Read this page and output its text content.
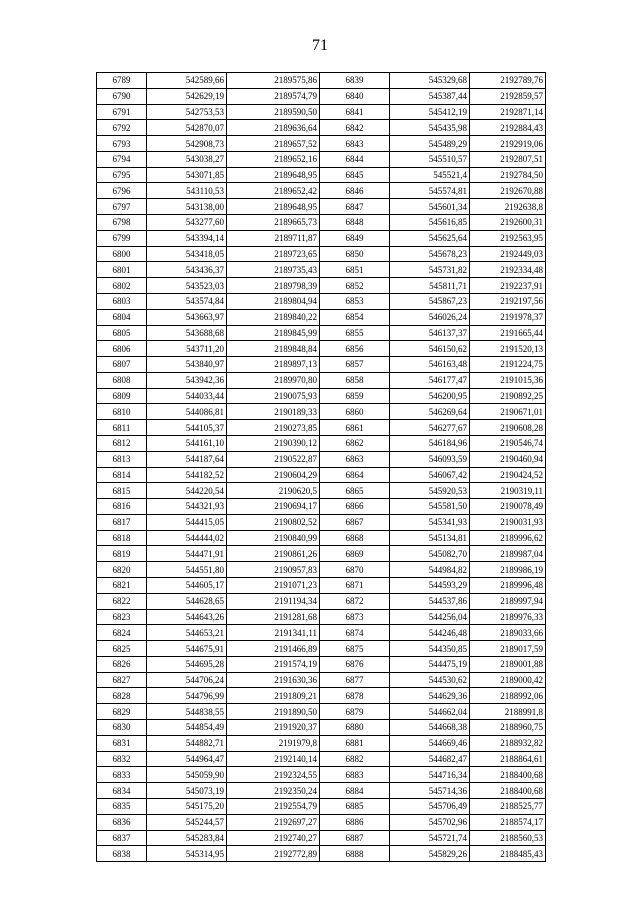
71
6789	542589,66	2189575,86	6839	545329,68	2192789,76
6790	542629,19	2189574,79	6840	545387,44	2192859,57
6791	542753,53	2189590,50	6841	545412,19	2192871,14
6792	542870,07	2189636,64	6842	545435,98	2192884,43
6793	542908,73	2189657,52	6843	545489,29	2192919,06
6794	543038,27	2189652,16	6844	545510,57	2192807,51
6795	543071,85	2189648,95	6845	545521,4	2192784,50
6796	543110,53	2189652,42	6846	545574,81	2192670,88
6797	543138,00	2189648,95	6847	545601,34	2192638,8
6798	543277,60	2189665,73	6848	545616,85	2192600,31
6799	543394,14	2189711,87	6849	545625,64	2192563,95
6800	543418,05	2189723,65	6850	545678,23	2192449,03
6801	543436,37	2189735,43	6851	545731,82	2192334,48
6802	543523,03	2189798,39	6852	545811,71	2192237,91
6803	543574,84	2189804,94	6853	545867,23	2192197,56
6804	543663,97	2189840,22	6854	546026,24	2191978,37
6805	543688,68	2189845,99	6855	546137,37	2191665,44
6806	543711,20	2189848,84	6856	546150,62	2191520,13
6807	543840,97	2189897,13	6857	546163,48	2191224,75
6808	543942,36	2189970,80	6858	546177,47	2191015,36
6809	544033,44	2190075,93	6859	546200,95	2190892,25
6810	544086,81	2190189,33	6860	546269,64	2190671,01
6811	544105,37	2190273,85	6861	546277,67	2190608,28
6812	544161,10	2190390,12	6862	546184,96	2190546,74
6813	544187,64	2190522,87	6863	546093,59	2190460,94
6814	544182,52	2190604,29	6864	546067,42	2190424,52
6815	544220,54	2190620,5	6865	545920,53	2190319,11
6816	544321,93	2190694,17	6866	545581,50	2190078,49
6817	544415,05	2190802,52	6867	545341,93	2190031,93
6818	544444,02	2190840,99	6868	545134,81	2189996,62
6819	544471,91	2190861,26	6869	545082,70	2189987,04
6820	544551,80	2190957,83	6870	544984,82	2189986,19
6821	544605,17	2191071,23	6871	544593,29	2189996,48
6822	544628,65	2191194,34	6872	544537,86	2189997,94
6823	544643,26	2191281,68	6873	544256,04	2189976,33
6824	544653,21	2191341,11	6874	544246,48	2189033,66
6825	544675,91	2191466,89	6875	544350,85	2189017,59
6826	544695,28	2191574,19	6876	544475,19	2189001,88
6827	544706,24	2191630,36	6877	544530,62	2189000,42
6828	544796,99	2191809,21	6878	544629,36	2188992,06
6829	544838,55	2191890,50	6879	544662,04	2188991,8
6830	544854,49	2191920,37	6880	544668,38	2188960,75
6831	544882,71	2191979,8	6881	544669,46	2188932,82
6832	544964,47	2192140,14	6882	544682,47	2188864,61
6833	545059,90	2192324,55	6883	544716,34	2188400,68
6834	545073,19	2192350,24	6884	545714,36	2188400,68
6835	545175,20	2192554,79	6885	545706,49	2188525,77
6836	545244,57	2192697,27	6886	545702,96	2188574,17
6837	545283,84	2192740,27	6887	545721,74	2188560,53
6838	545314,95	2192772,89	6888	545829,26	2188485,43
